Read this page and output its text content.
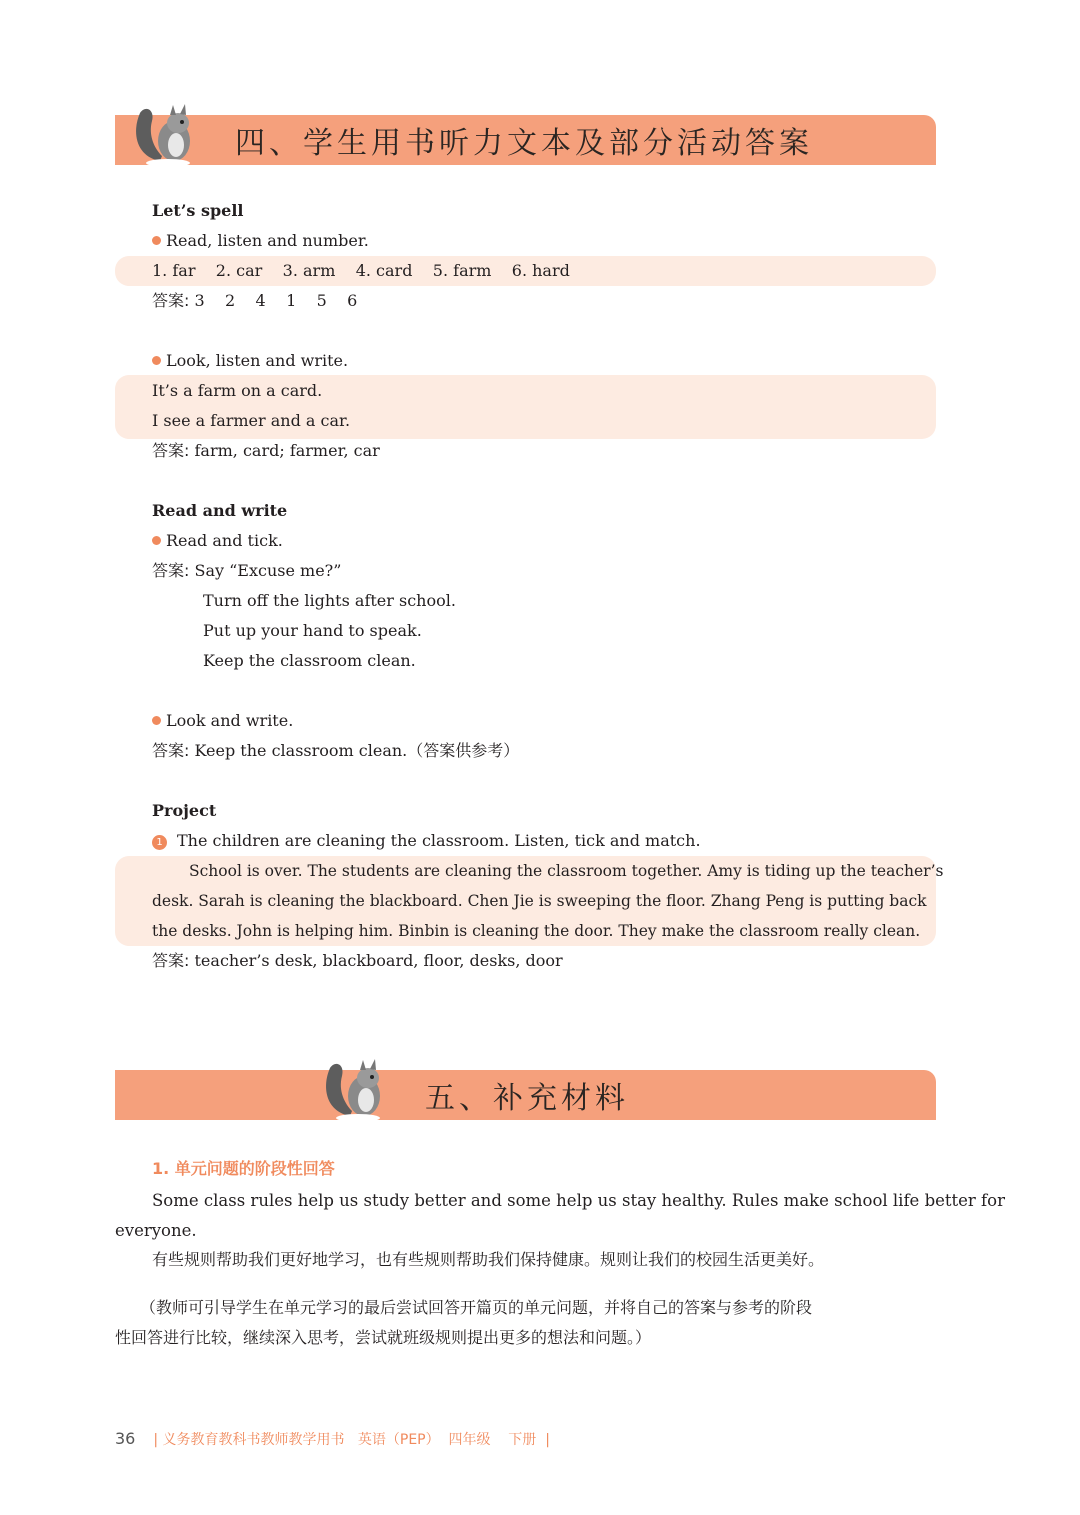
四、学生用书听力文本及部分活动答案
Let’s spell
Read, listen and number.
1. far    2. car    3. arm    4. card    5. farm    6. hard
答案: 3    2    4    1    5    6
Look, listen and write.
It’s a farm on a card.
I see a farmer and a car.
答案: farm, card; farmer, car
Read and write
Read and tick.
答案: Say “Excuse me?”
Turn off the lights after school.
Put up your hand to speak.
Keep the classroom clean.
Look and write.
答案: Keep the classroom clean.（答案供参考）
Project
1 The children are cleaning the classroom. Listen, tick and match.
School is over. The students are cleaning the classroom together. Amy is tiding up the teacher’s
desk. Sarah is cleaning the blackboard. Chen Jie is sweeping the floor. Zhang Peng is putting back
the desks. John is helping him. Binbin is cleaning the door. They make the classroom really clean.
答案: teacher’s desk, blackboard, floor, desks, door
五、补充材料
1. 单元问题的阶段性回答
Some class rules help us study better and some help us stay healthy. Rules make school life better for
everyone.
有些规则帮助我们更好地学习，也有些规则帮助我们保持健康。规则让我们的校园生活更美好。
（教师可引导学生在单元学习的最后尝试回答开篇页的单元问题，并将自己的答案与参考的阶段
性回答进行比较，继续深入思考，尝试就班级规则提出更多的想法和问题。）
36 | 义务教育教科书教师教学用书   英语（PEP）  四年级    下册  |
